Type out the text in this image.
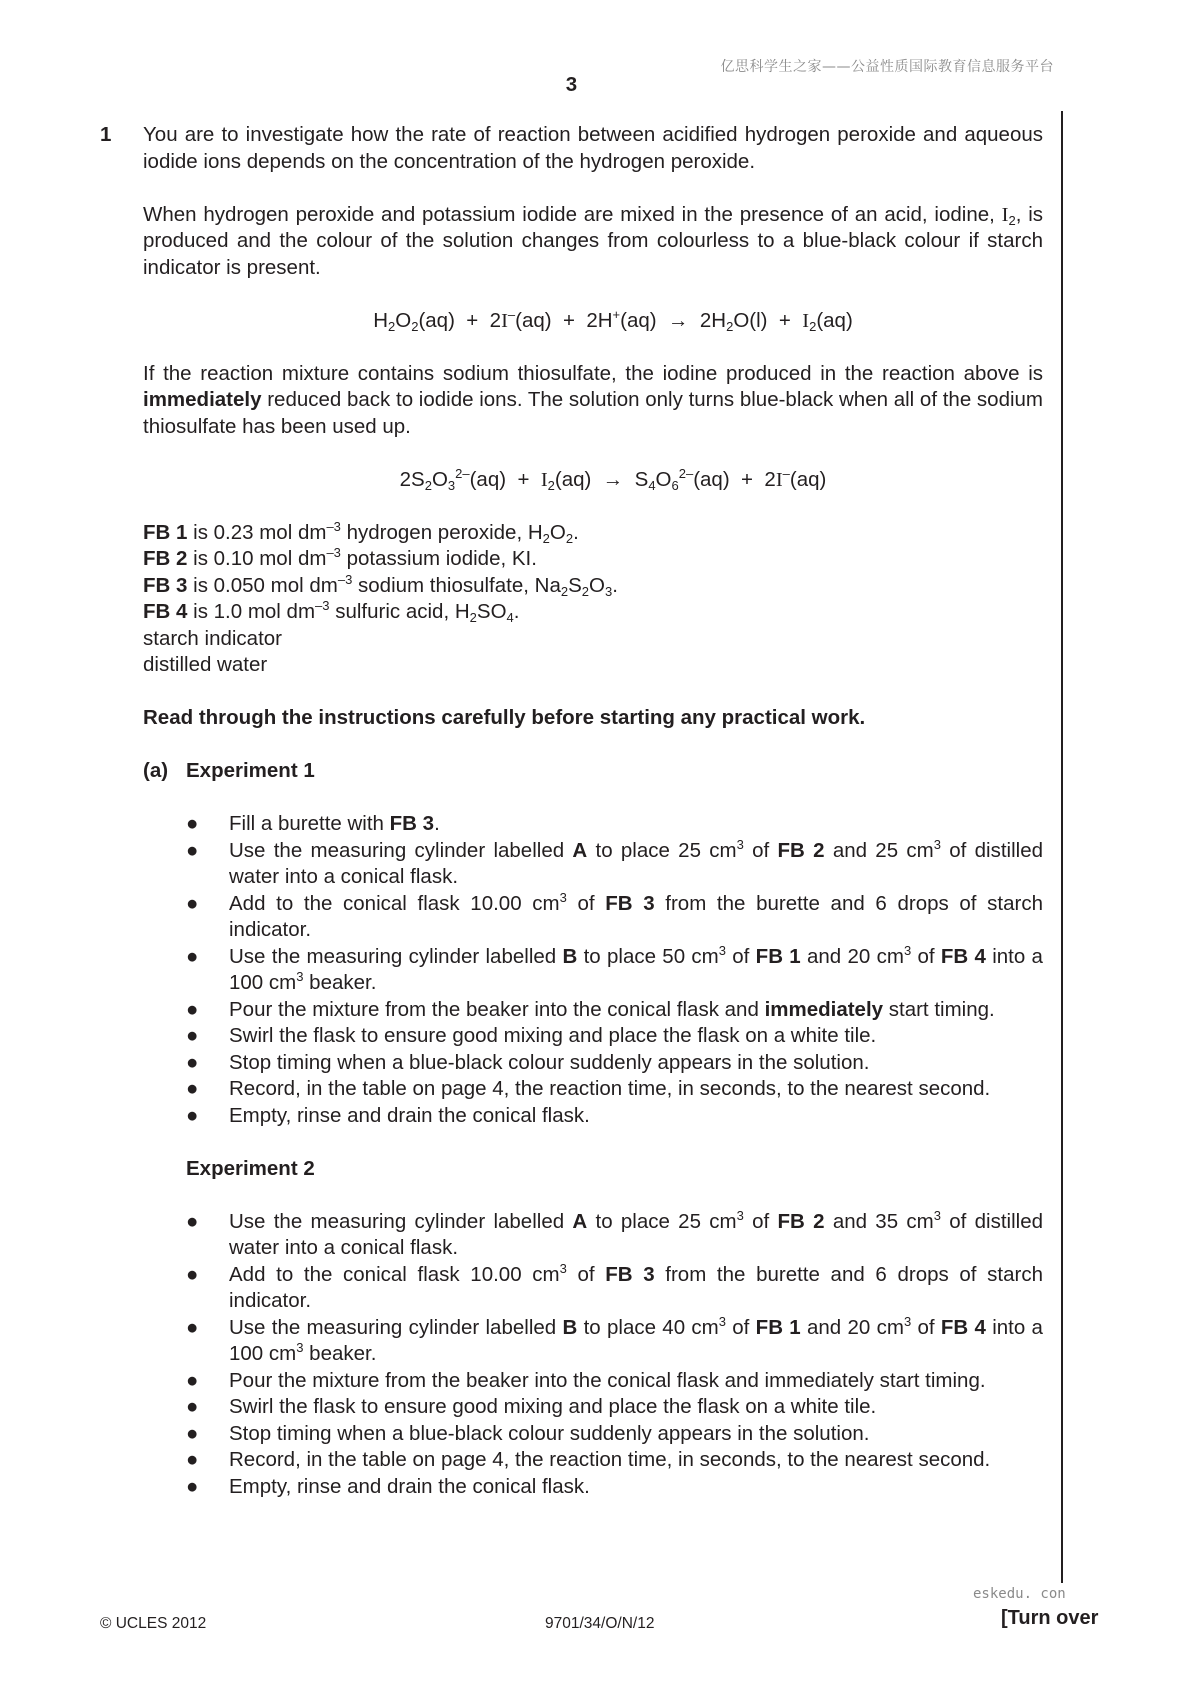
亿思科学生之家——公益性质国际教育信息服务平台
3
1 You are to investigate how the rate of reaction between acidified hydrogen peroxide and aqueous iodide ions depends on the concentration of the hydrogen peroxide.

When hydrogen peroxide and potassium iodide are mixed in the presence of an acid, iodine, $I_2$, is produced and the colour of the solution changes from colourless to a blue-black colour if starch indicator is present.

$H_2O_2(aq) + 2I^-(aq) + 2H^+(aq) \to 2H_2O(l) + I_2(aq)$

If the reaction mixture contains sodium thiosulfate, the iodine produced in the reaction above is immediately reduced back to iodide ions. The solution only turns blue-black when all of the sodium thiosulfate has been used up.

$2S_2O_3^{2-}(aq) + I_2(aq) \to S_4O_6^{2-}(aq) + 2I^-(aq)$

FB 1 is 0.23 mol $dm^{-3}$ hydrogen peroxide, $H_2O_2$.

FB 2 is 0.10 mol $dm^{-3}$ potassium iodide, KI.

FB 3 is 0.050 mol $dm^{-3}$ sodium thiosulfate, $Na_2S_2O_3$.

FB 4 is 1.0 mol $dm^{-3}$ sulfuric acid, $H_2SO_4$.

starch indicator

distilled water

Read through the instructions carefully before starting any practical work.

(a) Experiment 1
● Fill a burette with FB 3.
● Use the measuring cylinder labelled A to place 25 $cm^3$ of FB 2 and 25 $cm^3$ of distilled water into a conical flask.
● Add to the conical flask 10.00 $cm^3$ of FB 3 from the burette and 6 drops of starch indicator.
● Use the measuring cylinder labelled B to place 50 $cm^3$ of FB 1 and 20 $cm^3$ of FB 4 into a 100 $cm^3$ beaker.
● Pour the mixture from the beaker into the conical flask and immediately start timing.
● Swirl the flask to ensure good mixing and place the flask on a white tile.
● Stop timing when a blue-black colour suddenly appears in the solution.
● Record, in the table on page 4, the reaction time, in seconds, to the nearest second.
● Empty, rinse and drain the conical flask.
Experiment 2
● Use the measuring cylinder labelled A to place 25 $cm^3$ of FB 2 and 35 $cm^3$ of distilled water into a conical flask.
● Add to the conical flask 10.00 $cm^3$ of FB 3 from the burette and 6 drops of starch indicator.
● Use the measuring cylinder labelled B to place 40 $cm^3$ of FB 1 and 20 $cm^3$ of FB 4 into a 100 $cm^3$ beaker.
● Pour the mixture from the beaker into the conical flask and immediately start timing.
● Swirl the flask to ensure good mixing and place the flask on a white tile.
● Stop timing when a blue-black colour suddenly appears in the solution.
● Record, in the table on page 4, the reaction time, in seconds, to the nearest second.
● Empty, rinse and drain the conical flask.
eskedu. con
© UCLES 2012	9701/34/O/N/12	[Turn over
